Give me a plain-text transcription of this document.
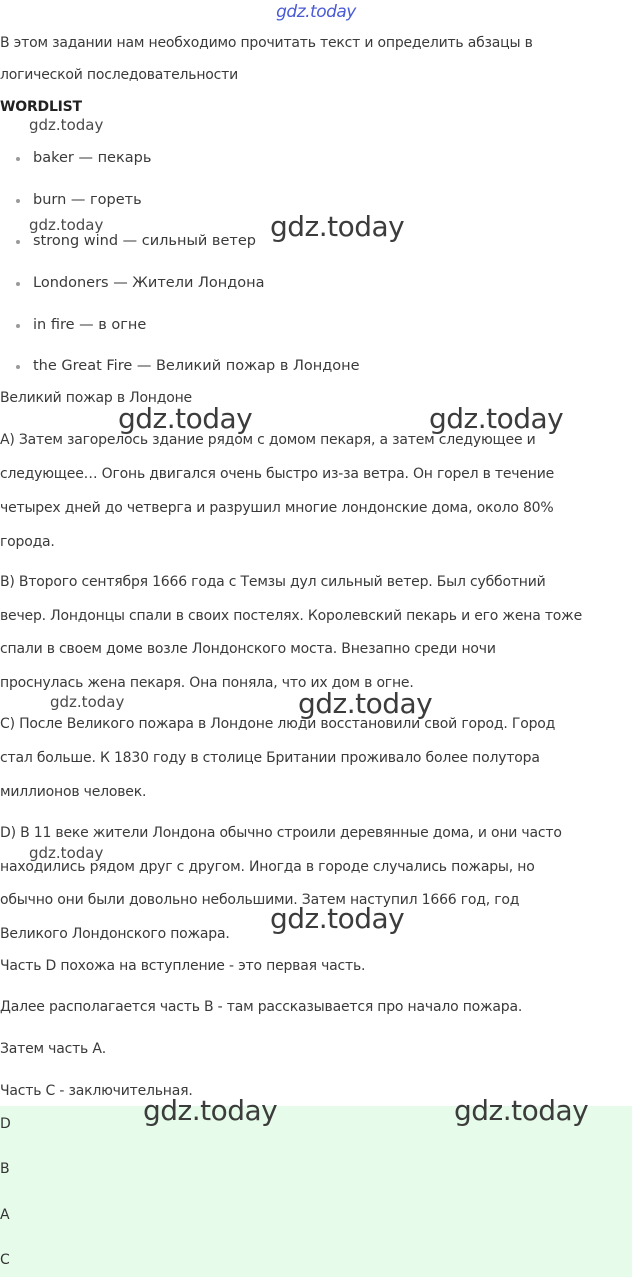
gdz.today
В этом задании нам необходимо прочитать текст и определить абзацы в
логической последовательности
WORDLIST
baker — пекарь
burn — гореть
strong wind — сильный ветер
Londoners — Жители Лондона
in fire — в огне
the Great Fire — Великий пожар в Лондоне
Великий пожар в Лондоне
А) Затем загорелось здание рядом с домом пекаря, а затем следующее и
следующее… Огонь двигался очень быстро из-за ветра. Он горел в течение
четырех дней до четверга и разрушил многие лондонские дома, около 80%
города.
B) Второго сентября 1666 года с Темзы дул сильный ветер. Был субботний
вечер. Лондонцы спали в своих постелях. Королевский пекарь и его жена тоже
спали в своем доме возле Лондонского моста. Внезапно среди ночи
проснулась жена пекаря. Она поняла, что их дом в огне.
C) После Великого пожара в Лондоне люди восстановили свой город. Город
стал больше. К 1830 году в столице Британии проживало более полутора
миллионов человек.
D) В 11 веке жители Лондона обычно строили деревянные дома, и они часто
находились рядом друг с другом. Иногда в городе случались пожары, но
обычно они были довольно небольшими. Затем наступил 1666 год, год
Великого Лондонского пожара.
Часть D похожа на вступление - это первая часть.
Далее располагается часть B - там рассказывается про начало пожара.
Затем часть А.
Часть C - заключительная.
D
B
A
C
gdz.today
gdz.today	gdz.today
gdz.today	gdz.today
gdz.today	gdz.today
gdz.today
gdz.today
gdz.today	gdz.today
